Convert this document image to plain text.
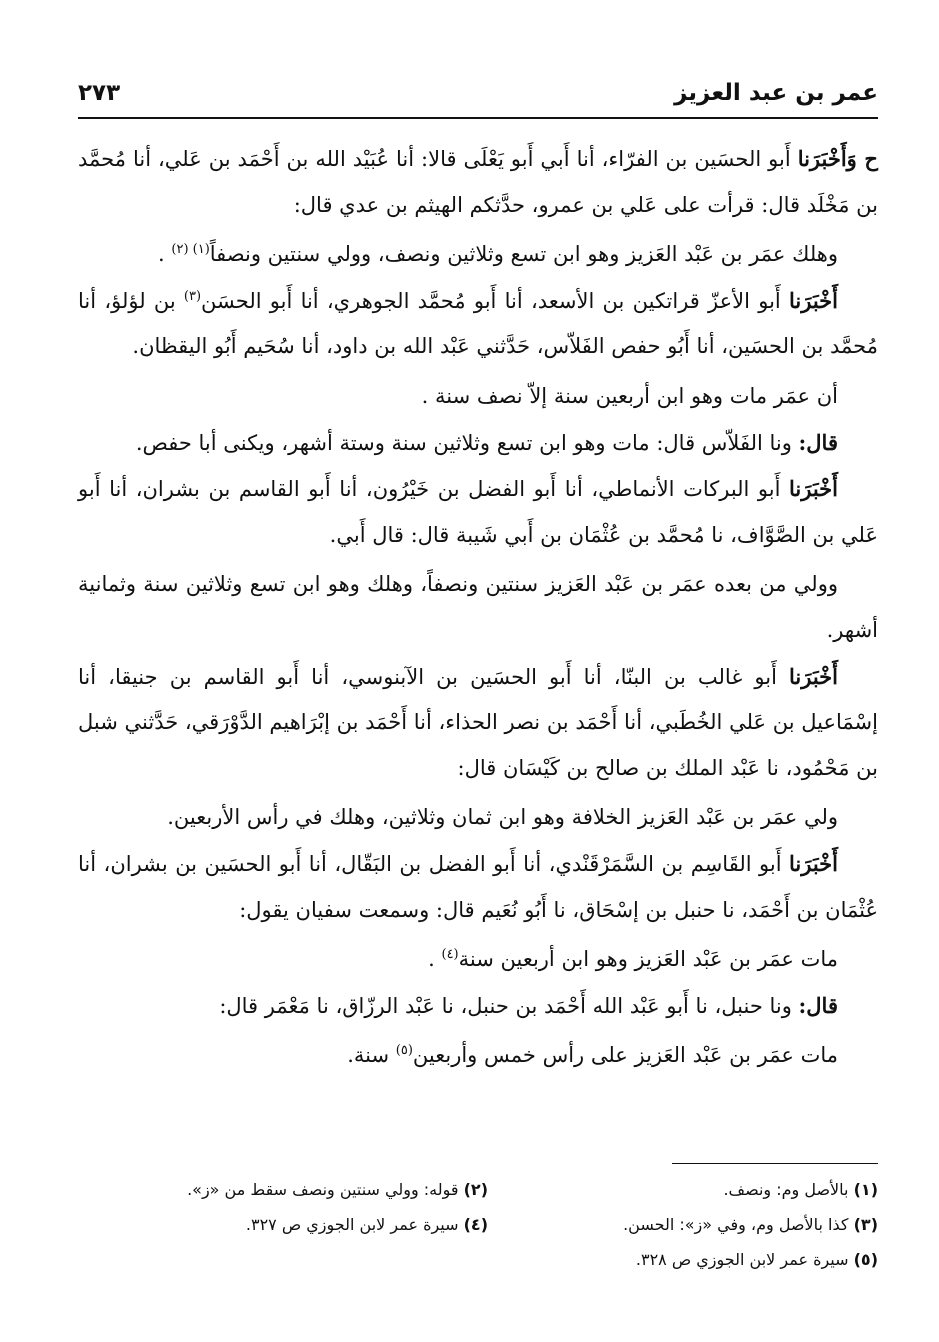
عمر بن عبد العزيز
٢٧٣

ح وَأَخْبَرَنا أَبو الحسَين بن الفرّاء، أنا أَبي أَبو يَعْلَى قالا: أنا عُبَيْد الله بن أَحْمَد بن عَلي، أنا مُحمَّد بن مَخْلَد قال: قرأت على عَلي بن عمرو، حدَّثكم الهيثم بن عدي قال:

وهلك عمَر بن عَبْد العَزيز وهو ابن تسع وثلاثين ونصف، وولي سنتين ونصفاً$^{(١) (٢)}$ .

أَخْبَرَنا أَبو الأعزّ قراتكين بن الأسعد، أنا أَبو مُحمَّد الجوهري، أنا أَبو الحسَن$^{(٣)}$ بن لؤلؤ، أنا مُحمَّد بن الحسَين، أنا أَبُو حفص الفَلاّس، حَدَّثني عَبْد الله بن داود، أنا سُحَيم أَبُو اليقظان.

أن عمَر مات وهو ابن أربعين سنة إلاّ نصف سنة .

قال: ونا الفَلاّس قال: مات وهو ابن تسع وثلاثين سنة وستة أشهر، ويكنى أبا حفص.

أَخْبَرَنا أَبو البركات الأنماطي، أنا أَبو الفضل بن خَيْرُون، أنا أَبو القاسم بن بشران، أنا أَبو عَلي بن الصَّوَّاف، نا مُحمَّد بن عُثْمَان بن أَبي شَيبة قال: قال أَبي.

وولي من بعده عمَر بن عَبْد العَزيز سنتين ونصفاً، وهلك وهو ابن تسع وثلاثين سنة وثمانية أشهر.

أَخْبَرَنا أَبو غالب بن البنّا، أنا أَبو الحسَين بن الآبنوسي، أنا أَبو القاسم بن جنيقا، أنا إسْمَاعيل بن عَلي الخُطَبي، أنا أَحْمَد بن نصر الحذاء، أنا أَحْمَد بن إبْرَاهيم الدَّوْرَقي، حَدَّثني شبل بن مَحْمُود، نا عَبْد الملك بن صالح بن كَيْسَان قال:

ولي عمَر بن عَبْد العَزيز الخلافة وهو ابن ثمان وثلاثين، وهلك في رأس الأربعين.

أَخْبَرَنا أَبو القَاسِم بن السَّمَرْقَنْدي، أنا أَبو الفضل بن البَقّال، أنا أَبو الحسَين بن بشران، أنا عُثْمَان بن أَحْمَد، نا حنبل بن إسْحَاق، نا أَبُو نُعَيم قال: وسمعت سفيان يقول:

مات عمَر بن عَبْد العَزيز وهو ابن أربعين سنة$^{(٤)}$ .

قال: ونا حنبل، نا أَبو عَبْد الله أَحْمَد بن حنبل، نا عَبْد الرزّاق، نا مَعْمَر قال:

مات عمَر بن عَبْد العَزيز على رأس خمس وأربعين$^{(٥)}$ سنة.

(١) بالأصل وم: ونصف.
(٢) قوله: وولي سنتين ونصف سقط من «ز».
(٣) كذا بالأصل وم، وفي «ز»: الحسن.
(٤) سيرة عمر لابن الجوزي ص ٣٢٧.
(٥) سيرة عمر لابن الجوزي ص ٣٢٨.
